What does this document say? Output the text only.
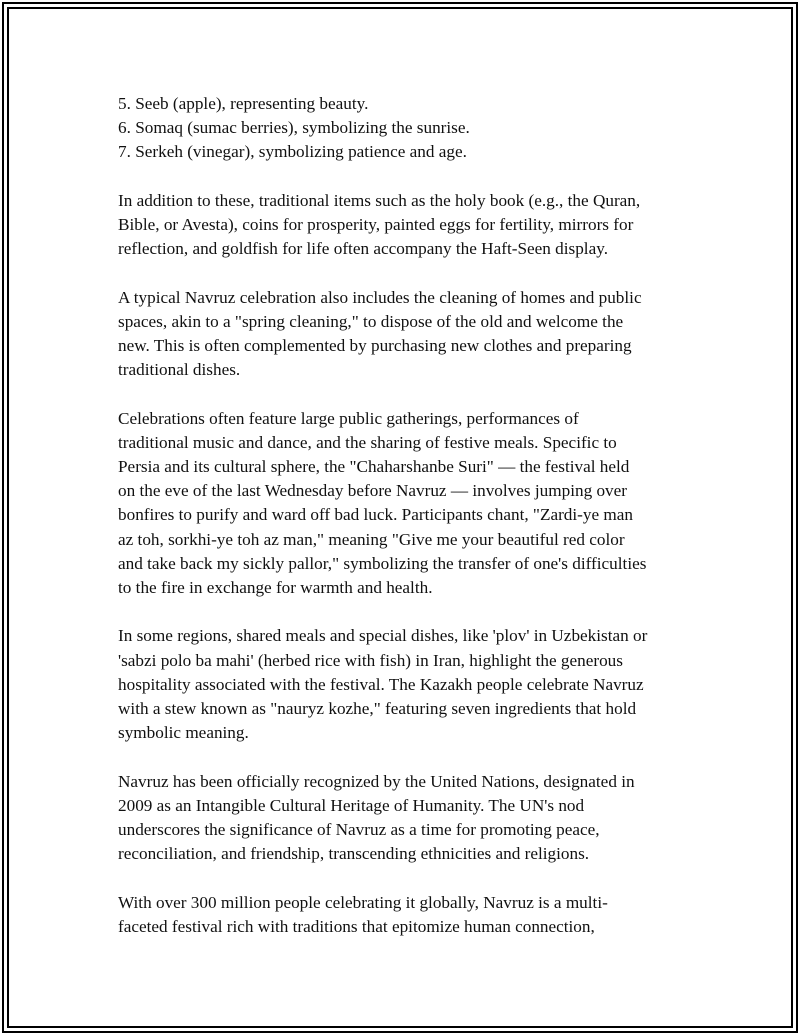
5. Seeb (apple), representing beauty.
6. Somaq (sumac berries), symbolizing the sunrise.
7. Serkeh (vinegar), symbolizing patience and age.
In addition to these, traditional items such as the holy book (e.g., the Quran,
Bible, or Avesta), coins for prosperity, painted eggs for fertility, mirrors for
reflection, and goldfish for life often accompany the Haft-Seen display.
A typical Navruz celebration also includes the cleaning of homes and public
spaces, akin to a "spring cleaning," to dispose of the old and welcome the
new. This is often complemented by purchasing new clothes and preparing
traditional dishes.
Celebrations often feature large public gatherings, performances of
traditional music and dance, and the sharing of festive meals. Specific to
Persia and its cultural sphere, the "Chaharshanbe Suri" — the festival held
on the eve of the last Wednesday before Navruz — involves jumping over
bonfires to purify and ward off bad luck. Participants chant, "Zardi-ye man
az toh, sorkhi-ye toh az man," meaning "Give me your beautiful red color
and take back my sickly pallor," symbolizing the transfer of one's difficulties
to the fire in exchange for warmth and health.
In some regions, shared meals and special dishes, like 'plov' in Uzbekistan or
'sabzi polo ba mahi' (herbed rice with fish) in Iran, highlight the generous
hospitality associated with the festival. The Kazakh people celebrate Navruz
with a stew known as "nauryz kozhe," featuring seven ingredients that hold
symbolic meaning.
Navruz has been officially recognized by the United Nations, designated in
2009 as an Intangible Cultural Heritage of Humanity. The UN's nod
underscores the significance of Navruz as a time for promoting peace,
reconciliation, and friendship, transcending ethnicities and religions.
With over 300 million people celebrating it globally, Navruz is a multi-
faceted festival rich with traditions that epitomize human connection,
